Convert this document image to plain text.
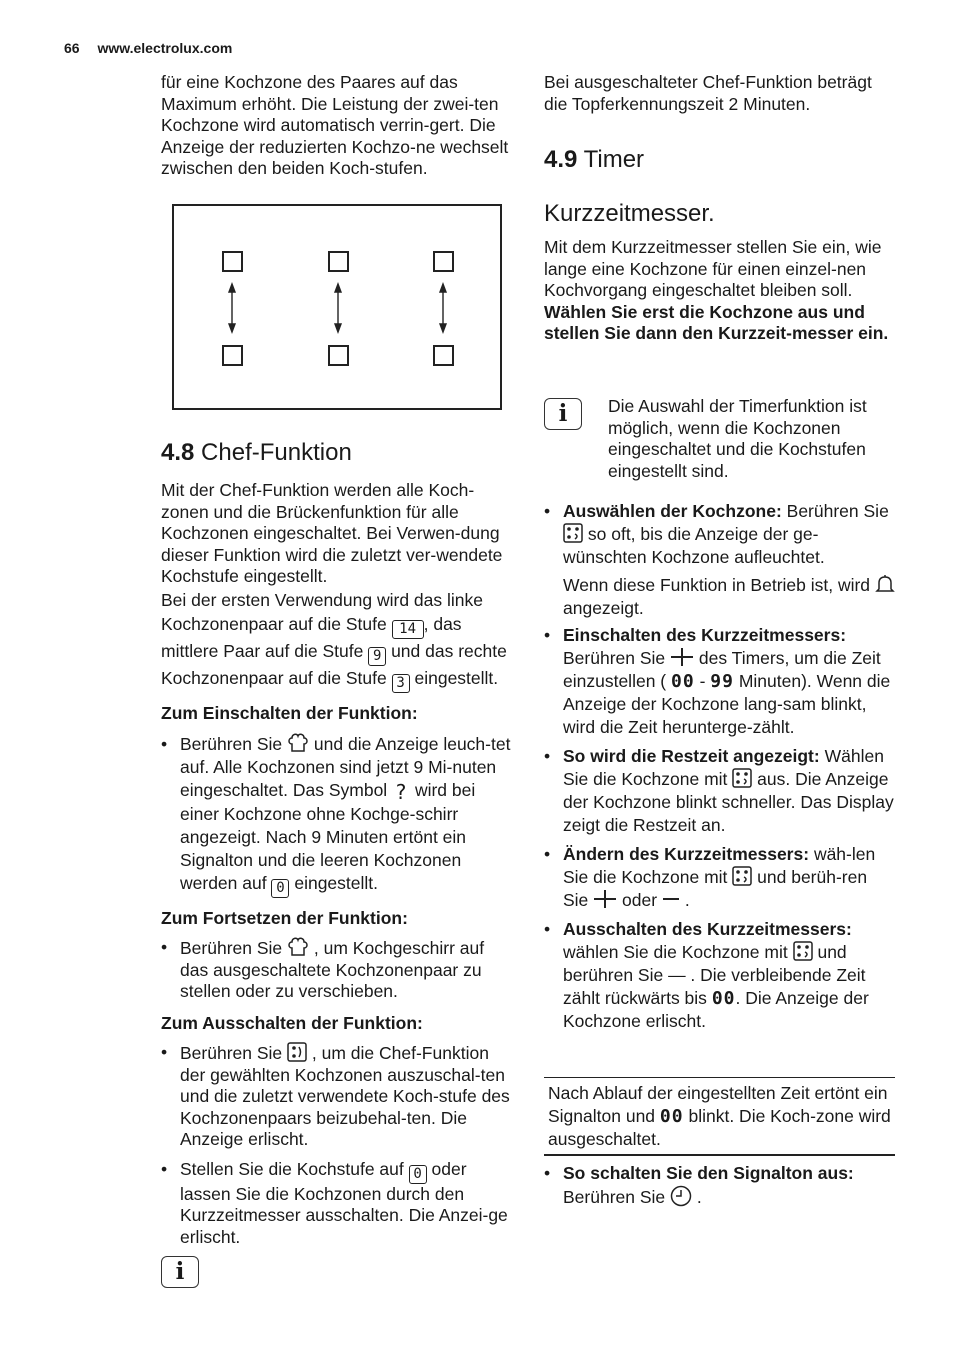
66 www.electrolux.com

für eine Kochzone des Paares auf das Maximum erhöht. Die Leistung der zwei-ten Kochzone wird automatisch verrin-gert. Die Anzeige der reduzierten Kochzo-ne wechselt zwischen den beiden Koch-stufen.

4.8 Chef-Funktion

Mit der Chef-Funktion werden alle Koch-zonen und die Brückenfunktion für alle Kochzonen eingeschaltet. Bei Verwen-dung dieser Funktion wird die zuletzt ver-wendete Kochstufe eingestellt.

Bei der ersten Verwendung wird das linke Kochzonenpaar auf die Stufe 14 , das mittlere Paar auf die Stufe 9 und das rechte Kochzonenpaar auf die Stufe 3 eingestellt.

Zum Einschalten der Funktion:

• Berühren Sie und die Anzeige leuch-tet auf. Alle Kochzonen sind jetzt 9 Mi-nuten eingeschaltet. Das Symbol ? wird bei einer Kochzone ohne Kochge-schirr angezeigt. Nach 9 Minuten ertönt ein Signalton und die leeren Kochzonen werden auf 0 eingestellt.

Zum Fortsetzen der Funktion:

• Berühren Sie , um Kochgeschirr auf das ausgeschaltete Kochzonenpaar zu stellen oder zu verschieben.

Zum Ausschalten der Funktion:

• Berühren Sie , um die Chef-Funktion der gewählten Kochzonen auszuschal-ten und die zuletzt verwendete Koch-stufe des Kochzonenpaars beizubehal-ten. Die Anzeige erlischt.
• Stellen Sie die Kochstufe auf 0 oder lassen Sie die Kochzonen durch den Kurzzeitmesser ausschalten. Die Anzei-ge erlischt.
i

Bei ausgeschalteter Chef-Funktion beträgt die Topferkennungszeit 2 Minuten.

4.9 Timer
Kurzzeitmesser.

Mit dem Kurzzeitmesser stellen Sie ein, wie lange eine Kochzone für einen einzel-nen Kochvorgang eingeschaltet bleiben soll.

Wählen Sie erst die Kochzone aus und stellen Sie dann den Kurzzeit-messer ein.

i	Die Auswahl der Timerfunktion ist möglich, wenn die Kochzonen eingeschaltet und die Kochstufen eingestellt sind.

• Auswählen der Kochzone: Berühren Sie  so oft, bis die Anzeige der ge-wünschten Kochzone aufleuchtet.

Wenn diese Funktion in Betrieb ist, wird  angezeigt.

• Einschalten des Kurzzeitmessers: Berühren Sie des Timers, um die Zeit einzustellen ( 00 - 99 Minuten). Wenn die Anzeige der Kochzone lang-sam blinkt, wird die Zeit herunterge-zählt.
• So wird die Restzeit angezeigt: Wählen Sie die Kochzone mit aus. Die Anzeige der Kochzone blinkt schneller. Das Display zeigt die Restzeit an.
• Ändern des Kurzzeitmessers: wäh-len Sie die Kochzone mit und berüh-ren Sie oder .
• Ausschalten des Kurzzeitmessers: wählen Sie die Kochzone mit und berühren Sie — . Die verbleibende Zeit zählt rückwärts bis 00. Die Anzeige der Kochzone erlischt.

Nach Ablauf der eingestellten Zeit ertönt ein Signalton und 00 blinkt. Die Koch-zone wird ausgeschaltet.

• So schalten Sie den Signalton aus:
Berühren Sie .
